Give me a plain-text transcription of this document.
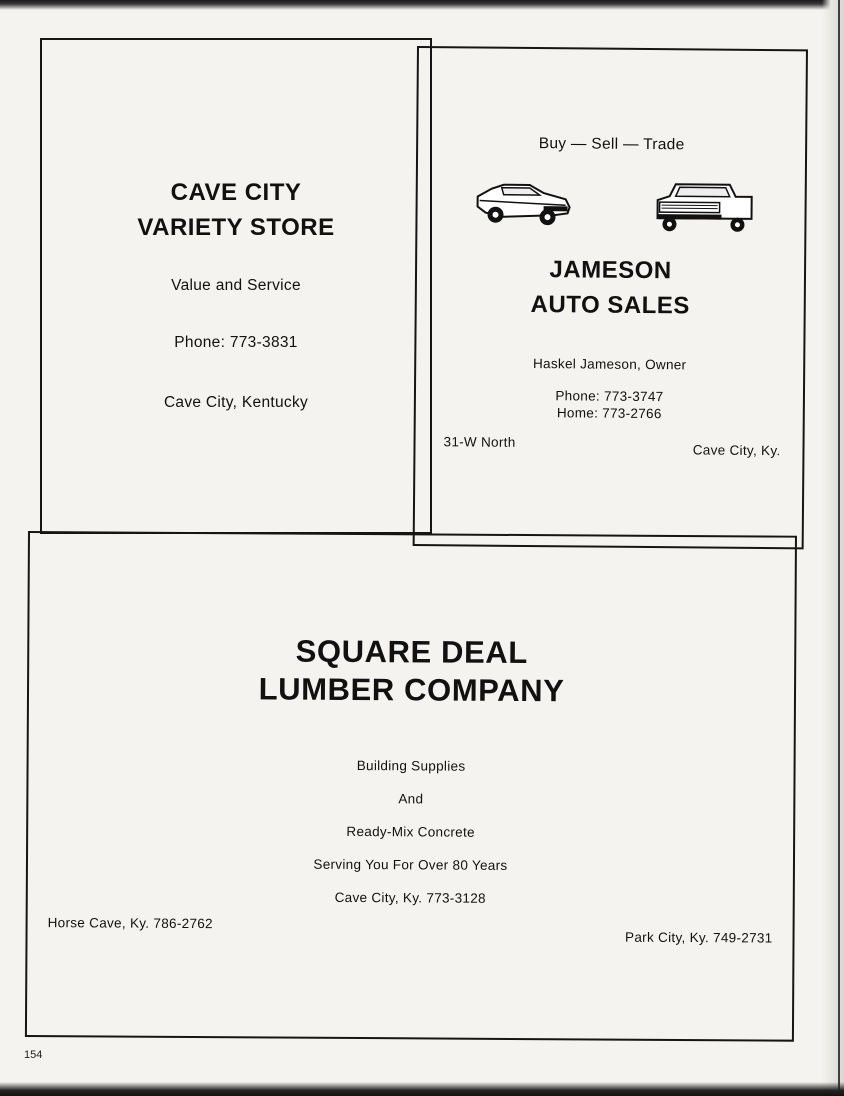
CAVE CITY
VARIETY STORE
Value and Service
Phone: 773-3831
Cave City, Kentucky
Buy — Sell — Trade
JAMESON
AUTO SALES
Haskel Jameson, Owner
Phone: 773-3747
Home: 773-2766
31-W North
Cave City, Ky.
SQUARE DEAL
LUMBER COMPANY
Building Supplies
And
Ready-Mix Concrete
Serving You For Over 80 Years
Cave City, Ky. 773-3128
Horse Cave, Ky. 786-2762
Park City, Ky. 749-2731
154
